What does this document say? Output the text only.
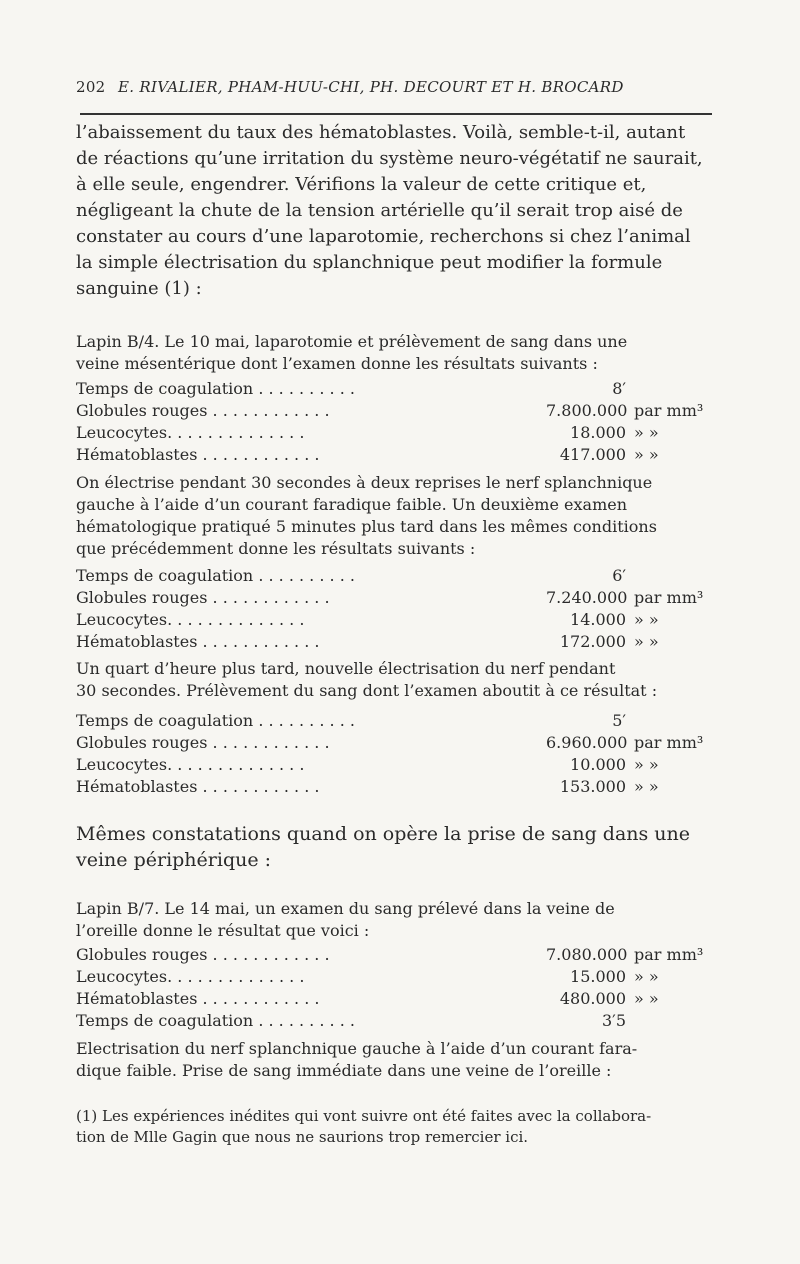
202 E. RIVALIER, PHAM-HUU-CHI, PH. DECOURT ET H. BROCARD
l’abaissement du taux des hématoblastes. Voilà, semble-t-il, autant
de réactions qu’une irritation du système neuro-végétatif ne saurait,
à elle seule, engendrer. Vérifions la valeur de cette critique et,
négligeant la chute de la tension artérielle qu’il serait trop aisé de
constater au cours d’une laparotomie, recherchons si chez l’animal
la simple électrisation du splanchnique peut modifier la formule
sanguine (1) :
Lapin B/4. Le 10 mai, laparotomie et prélèvement de sang dans une
veine mésentérique dont l’examen donne les résultats suivants :
Temps de coagulation . . . . . . . . . .	8′
Globules rouges . . . . . . . . . . . .	7.800.000 par mm³
Leucocytes. . . . . . . . . . . . . .	18.000 » »
Hématoblastes . . . . . . . . . . . .	417.000 » »
On électrise pendant 30 secondes à deux reprises le nerf splanchnique
gauche à l’aide d’un courant faradique faible. Un deuxième examen
hématologique pratiqué 5 minutes plus tard dans les mêmes conditions
que précédemment donne les résultats suivants :
Temps de coagulation . . . . . . . . . .	6′
Globules rouges . . . . . . . . . . . .	7.240.000 par mm³
Leucocytes. . . . . . . . . . . . . .	14.000 » »
Hématoblastes . . . . . . . . . . . .	172.000 » »
Un quart d’heure plus tard, nouvelle électrisation du nerf pendant
30 secondes. Prélèvement du sang dont l’examen aboutit à ce résultat :
Temps de coagulation . . . . . . . . . .	5′
Globules rouges . . . . . . . . . . . .	6.960.000 par mm³
Leucocytes. . . . . . . . . . . . . .	10.000 » »
Hématoblastes . . . . . . . . . . . .	153.000 » »
Mêmes constatations quand on opère la prise de sang dans une
veine périphérique :
Lapin B/7. Le 14 mai, un examen du sang prélevé dans la veine de
l’oreille donne le résultat que voici :
Globules rouges . . . . . . . . . . . .	7.080.000 par mm³
Leucocytes. . . . . . . . . . . . . .	15.000 » »
Hématoblastes . . . . . . . . . . . .	480.000 » »
Temps de coagulation . . . . . . . . . .	3′5
Electrisation du nerf splanchnique gauche à l’aide d’un courant fara-
dique faible. Prise de sang immédiate dans une veine de l’oreille :
(1) Les expériences inédites qui vont suivre ont été faites avec la collabora-
tion de Mlle Gagin que nous ne saurions trop remercier ici.
